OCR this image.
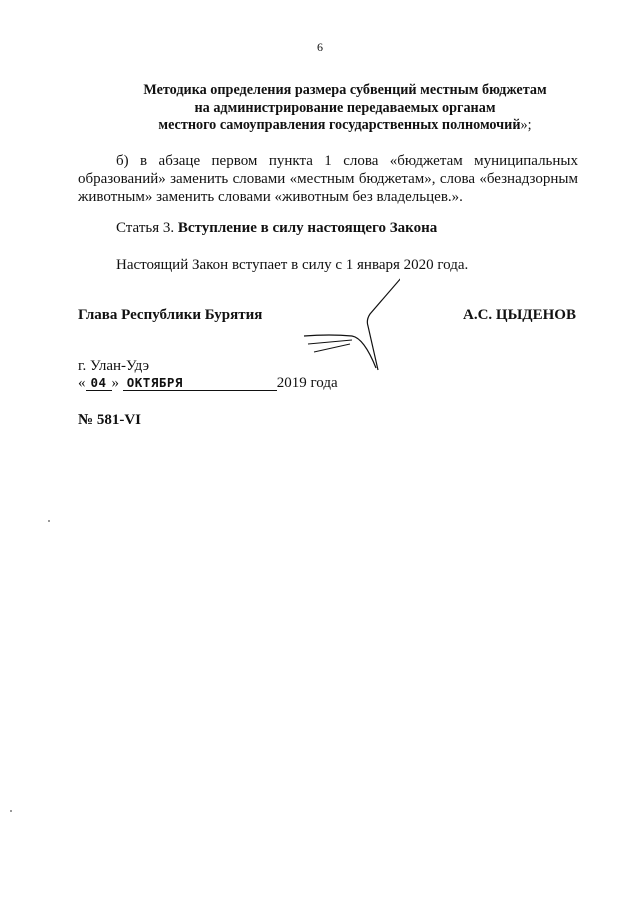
6
Методика определения размера субвенций местным бюджетам
на администрирование передаваемых органам
местного самоуправления государственных полномочий»;
б) в абзаце первом пункта 1 слова «бюджетам муниципальных образований» заменить словами «местным бюджетам», слова «безнадзорным животным» заменить словами «животным без владельцев.».
Статья 3. Вступление в силу настоящего Закона
Настоящий Закон вступает в силу с 1 января 2020 года.
Глава Республики Бурятия	А.С. ЦЫДЕНОВ
г. Улан-Удэ
« 04 » ОКТЯБРЯ	2019 года
№ 581-VI
